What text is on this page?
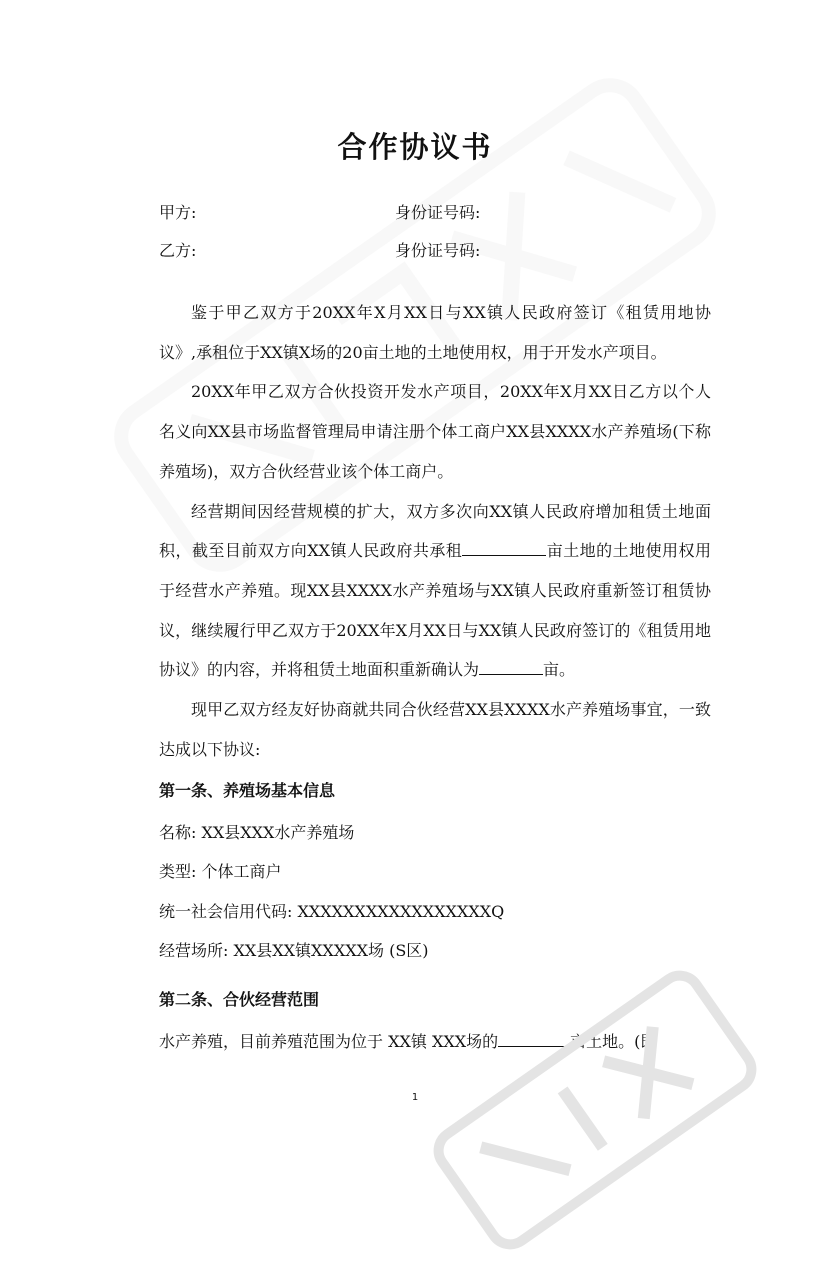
合作协议书
甲方:	身份证号码:
乙方:	身份证号码:

鉴于甲乙双方于20XX年X月XX日与XX镇人民政府签订《租赁用地协议》,承租位于XX镇X场的20亩土地的土地使用权，用于开发水产项目。

20XX年甲乙双方合伙投资开发水产项目，20XX年X月XX日乙方以个人名义向XX县市场监督管理局申请注册个体工商户XX县XXXX水产养殖场(下称养殖场)，双方合伙经营业该个体工商户。

经营期间因经营规模的扩大，双方多次向XX镇人民政府增加租赁土地面积，截至目前双方向XX镇人民政府共承租	亩土地的土地使用权用于经营水产养殖。现XX县XXXX水产养殖场与XX镇人民政府重新签订租赁协议，继续履行甲乙双方于20XX年X月XX日与XX镇人民政府签订的《租赁用地协议》的内容，并将租赁土地面积重新确认为	亩。

现甲乙双方经友好协商就共同合伙经营XX县XXXX水产养殖场事宜，一致达成以下协议:

第一条、养殖场基本信息
名称: XX县XXX水产养殖场
类型: 个体工商户
统一社会信用代码: XXXXXXXXXXXXXXXXXQ
经营场所: XX县XX镇XXXXX场 (S区)
第二条、合伙经营范围
水产养殖，目前养殖范围为位于 XX镇 XXX场的	亩土地。(即
1
